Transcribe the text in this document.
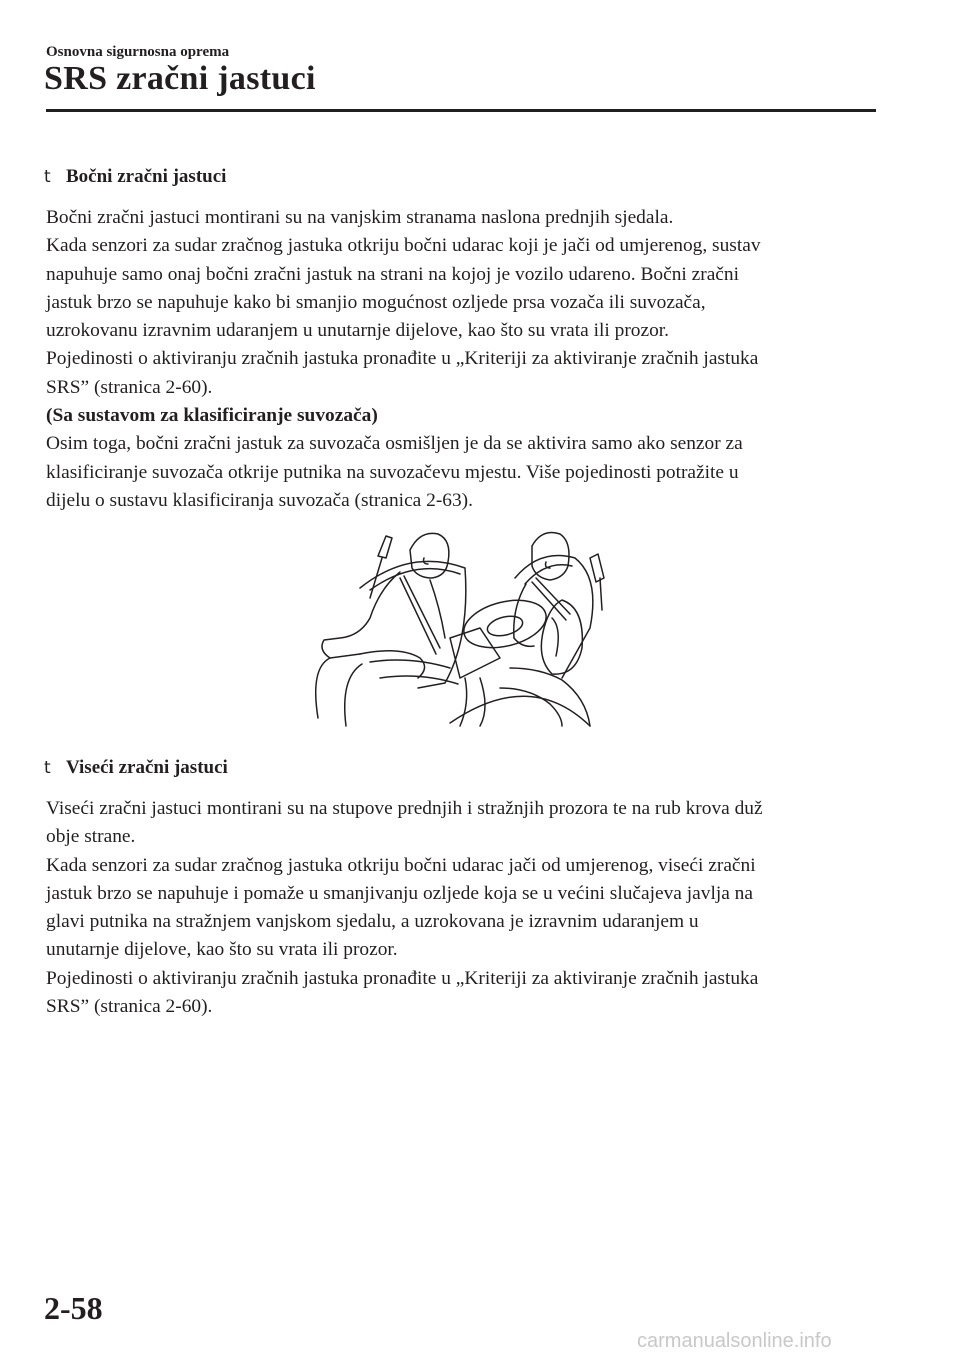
Osnovna sigurnosna oprema
SRS zračni jastuci
t Bočni zračni jastuci
Bočni zračni jastuci montirani su na vanjskim stranama naslona prednjih sjedala.
Kada senzori za sudar zračnog jastuka otkriju bočni udarac koji je jači od umjerenog, sustav
napuhuje samo onaj bočni zračni jastuk na strani na kojoj je vozilo udareno. Bočni zračni
jastuk brzo se napuhuje kako bi smanjio mogućnost ozljede prsa vozača ili suvozača,
uzrokovanu izravnim udaranjem u unutarnje dijelove, kao što su vrata ili prozor.
Pojedinosti o aktiviranju zračnih jastuka pronađite u „Kriteriji za aktiviranje zračnih jastuka
SRS” (stranica 2-60).
(Sa sustavom za klasificiranje suvozača)
Osim toga, bočni zračni jastuk za suvozača osmišljen je da se aktivira samo ako senzor za
klasificiranje suvozača otkrije putnika na suvozačevu mjestu. Više pojedinosti potražite u
dijelu o sustavu klasificiranja suvozača (stranica 2-63).
t Viseći zračni jastuci
Viseći zračni jastuci montirani su na stupove prednjih i stražnjih prozora te na rub krova duž
obje strane.
Kada senzori za sudar zračnog jastuka otkriju bočni udarac jači od umjerenog, viseći zračni
jastuk brzo se napuhuje i pomaže u smanjivanju ozljede koja se u većini slučajeva javlja na
glavi putnika na stražnjem vanjskom sjedalu, a uzrokovana je izravnim udaranjem u
unutarnje dijelove, kao što su vrata ili prozor.
Pojedinosti o aktiviranju zračnih jastuka pronađite u „Kriteriji za aktiviranje zračnih jastuka
SRS” (stranica 2-60).
2-58
carmanualsonline.info
